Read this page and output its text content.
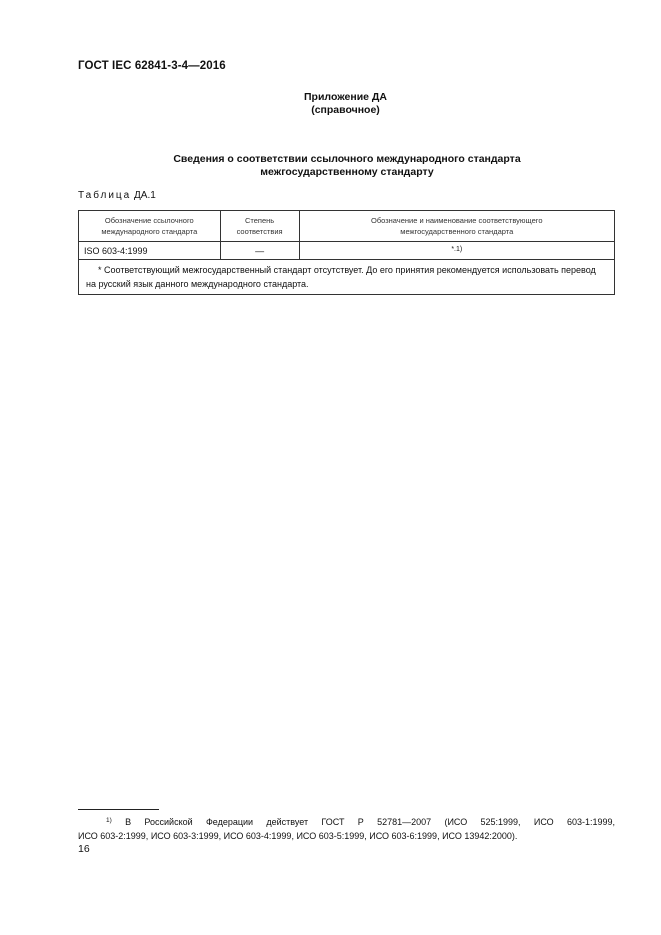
ГОСТ IEC 62841-3-4—2016
Приложение ДА
(справочное)
Сведения о соответствии ссылочного международного стандарта
межгосударственному стандарту
Таблица ДА.1
Обозначение ссылочного международного стандарта	Степень соответствия	Обозначение и наименование соответствующего межгосударственного стандарта
ISO 603-4:1999	—	$^{*.1)}$
* Соответствующий межгосударственный стандарт отсутствует. До его принятия рекомендуется использовать перевод на русский язык данного международного стандарта.		
$^{1)}$ В Российской Федерации действует ГОСТ Р 52781—2007 (ИСО 525:1999, ИСО 603-1:1999,
ИСО 603-2:1999, ИСО 603-3:1999, ИСО 603-4:1999, ИСО 603-5:1999, ИСО 603-6:1999, ИСО 13942:2000).
16
